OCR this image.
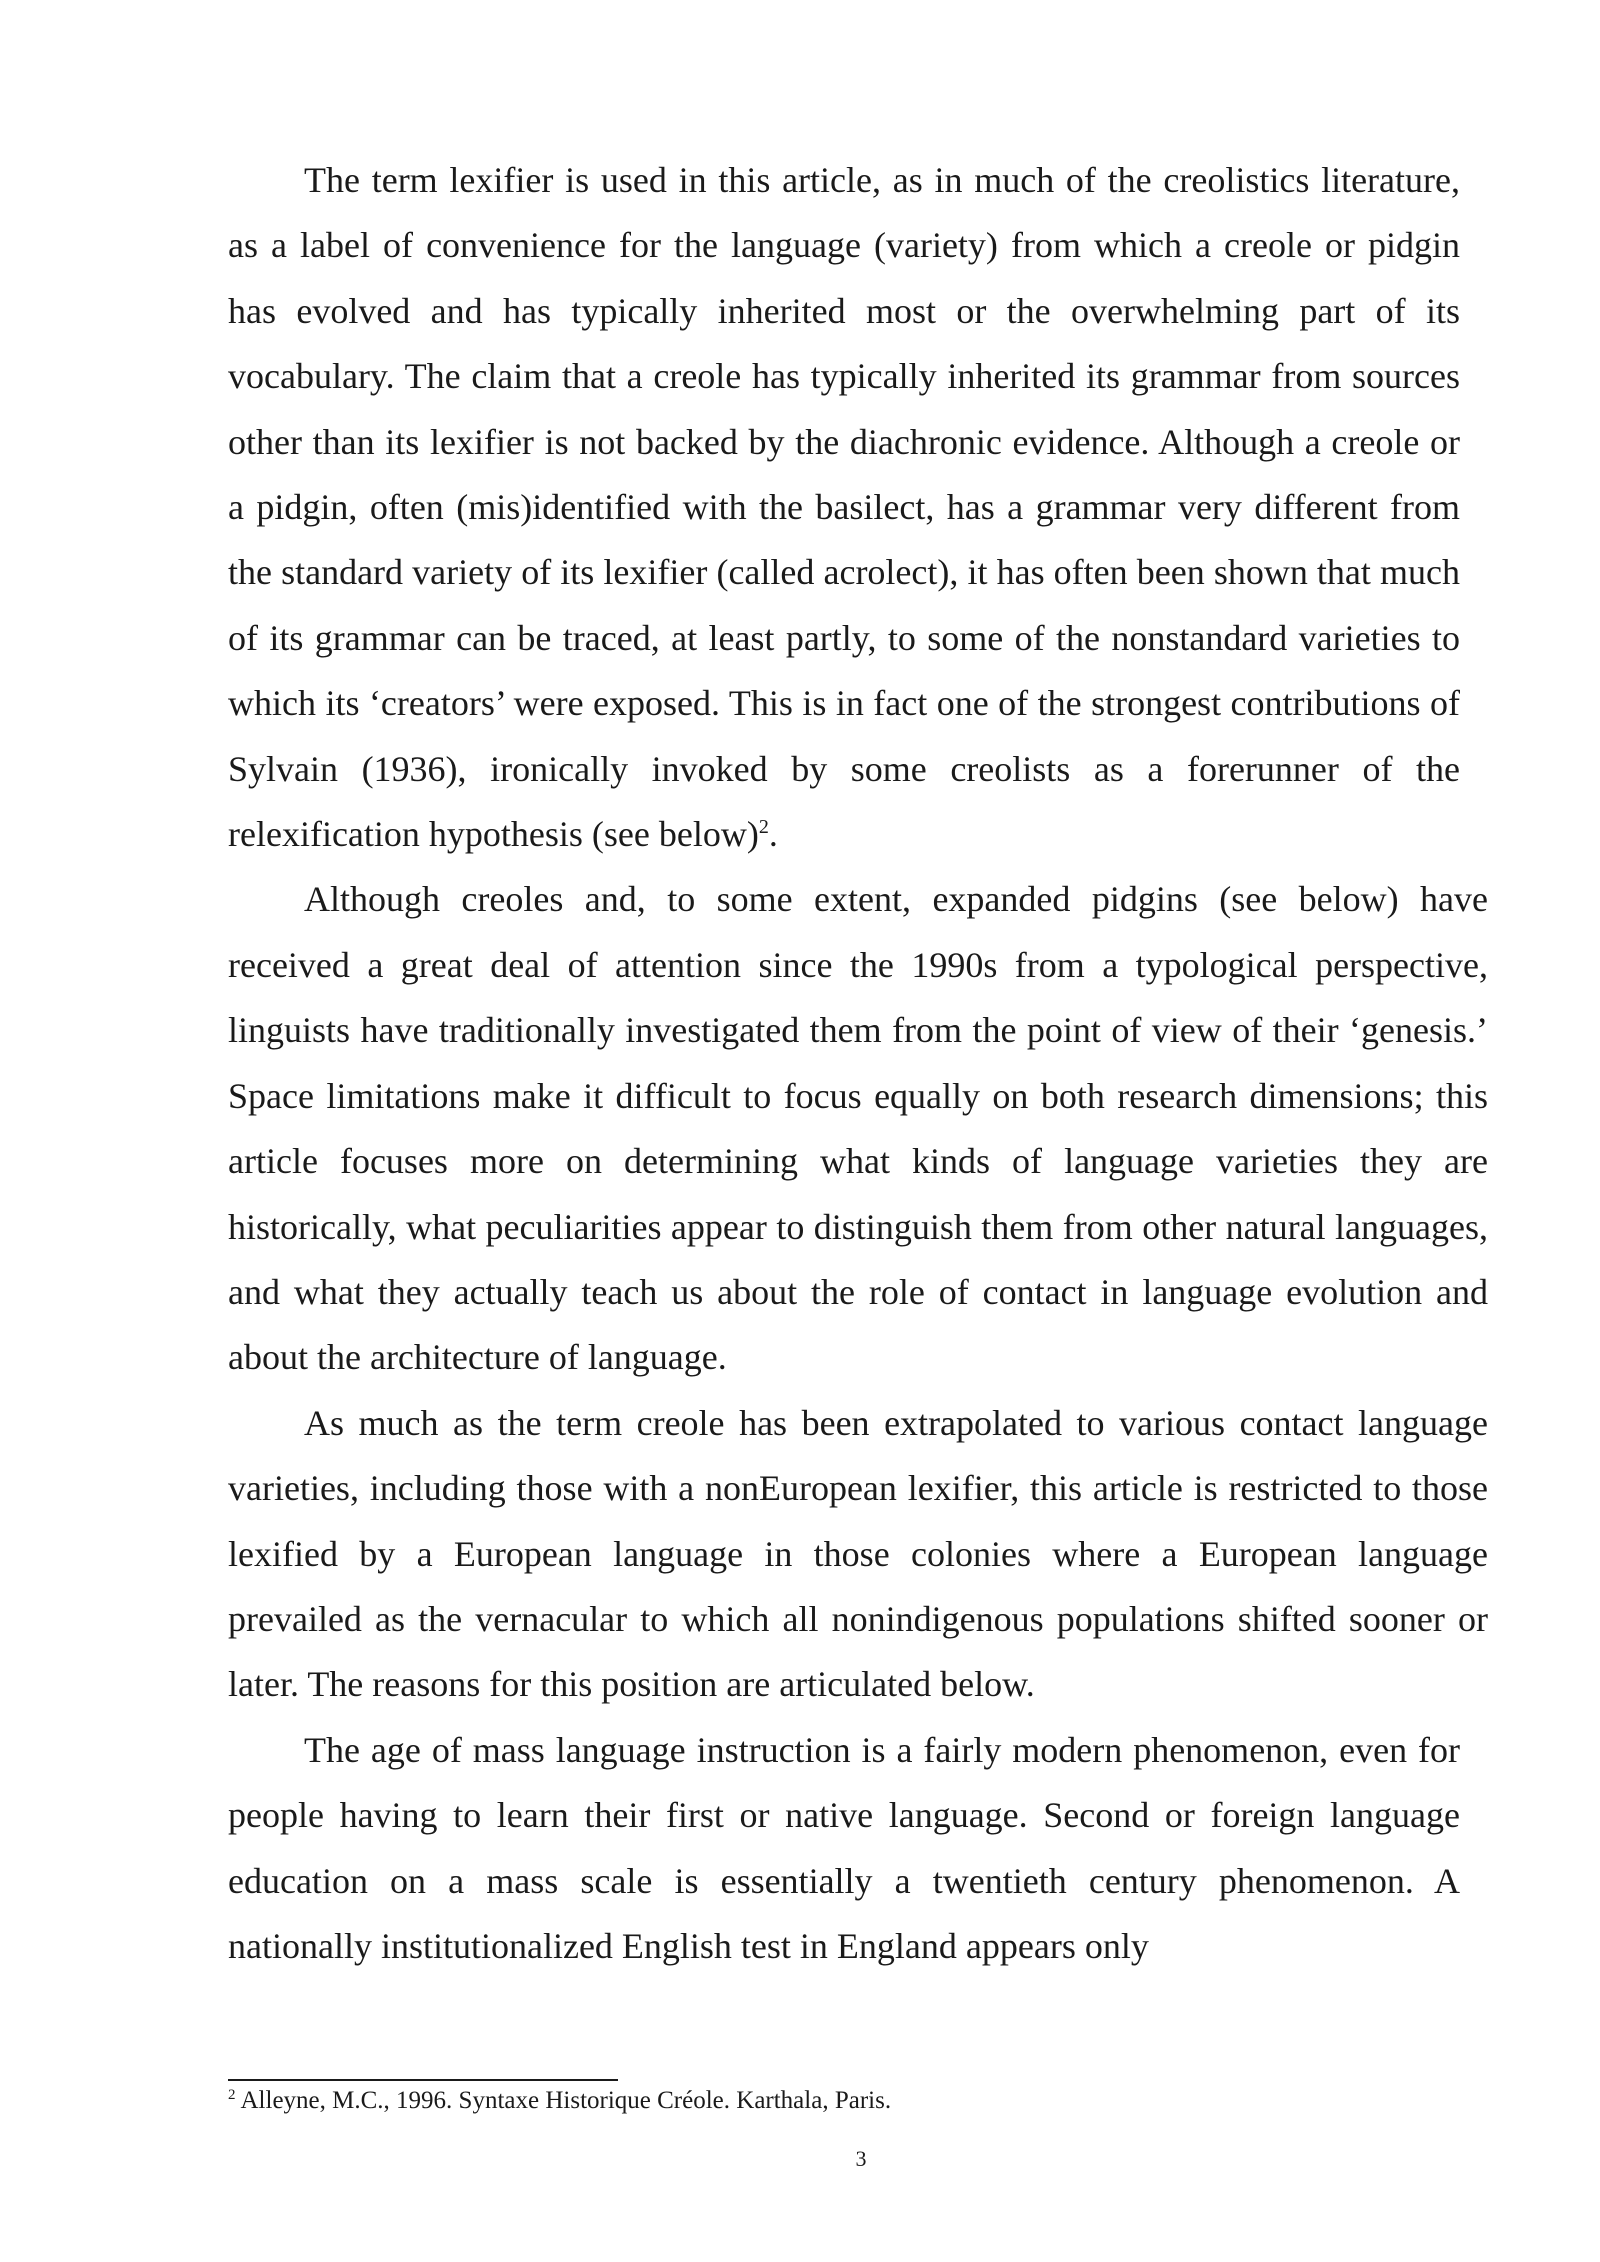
The term lexifier is used in this article, as in much of the creolistics literature, as a label of convenience for the language (variety) from which a creole or pidgin has evolved and has typically inherited most or the overwhelming part of its vocabulary. The claim that a creole has typically inherited its grammar from sources other than its lexifier is not backed by the diachronic evidence. Although a creole or a pidgin, often (mis)identified with the basilect, has a grammar very different from the standard variety of its lexifier (called acrolect), it has often been shown that much of its grammar can be traced, at least partly, to some of the nonstandard varieties to which its ‘creators’ were exposed. This is in fact one of the strongest contributions of Sylvain (1936), ironically invoked by some creolists as a forerunner of the relexification hypothesis (see below)$^2$.

Although creoles and, to some extent, expanded pidgins (see below) have received a great deal of attention since the 1990s from a typological perspective, linguists have traditionally investigated them from the point of view of their ‘genesis.’ Space limitations make it difficult to focus equally on both research dimensions; this article focuses more on determining what kinds of language varieties they are historically, what peculiarities appear to distinguish them from other natural languages, and what they actually teach us about the role of contact in language evolution and about the architecture of language.

As much as the term creole has been extrapolated to various contact language varieties, including those with a nonEuropean lexifier, this article is restricted to those lexified by a European language in those colonies where a European language prevailed as the vernacular to which all nonindigenous populations shifted sooner or later. The reasons for this position are articulated below.

The age of mass language instruction is a fairly modern phenomenon, even for people having to learn their first or native language. Second or foreign language education on a mass scale is essentially a twentieth century phenomenon. A nationally institutionalized English test in England appears only

$^2$ Alleyne, M.C., 1996. Syntaxe Historique Créole. Karthala, Paris.
3
